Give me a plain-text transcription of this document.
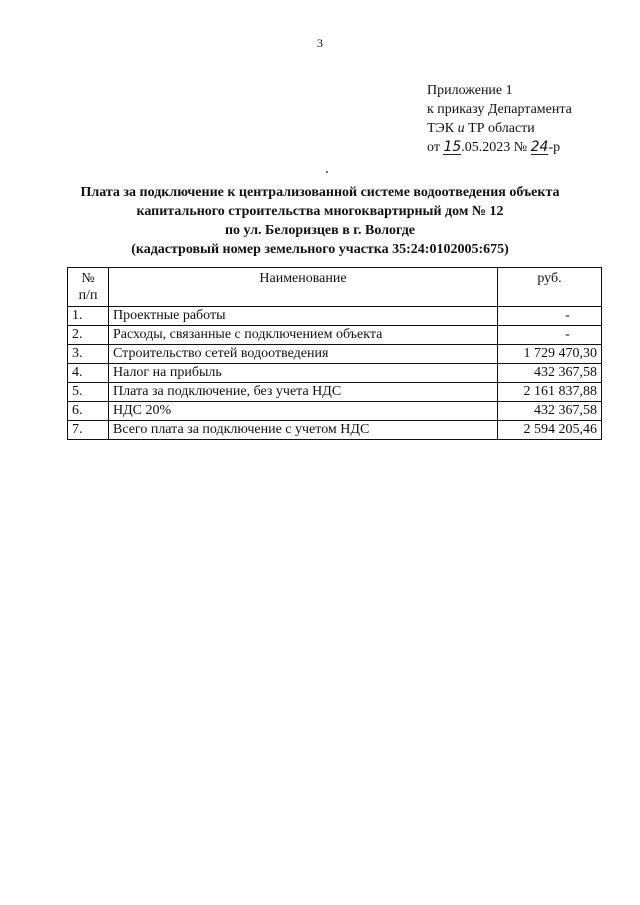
3
Приложение 1
к приказу Департамента
ТЭК и ТР области
от 15.05.2023 № 24-р
Плата за подключение к централизованной системе водоотведения объекта
капитального строительства многоквартирный дом № 12
по ул. Белоризцев в г. Вологде
(кадастровый номер земельного участка 35:24:0102005:675)
№
п/п	Наименование	руб.
1.	Проектные работы	-
2.	Расходы, связанные с подключением объекта	-
3.	Строительство сетей водоотведения	1 729 470,30
4.	Налог на прибыль	432 367,58
5.	Плата за подключение, без учета НДС	2 161 837,88
6.	НДС 20%	432 367,58
7.	Всего плата за подключение с учетом НДС	2 594 205,46
